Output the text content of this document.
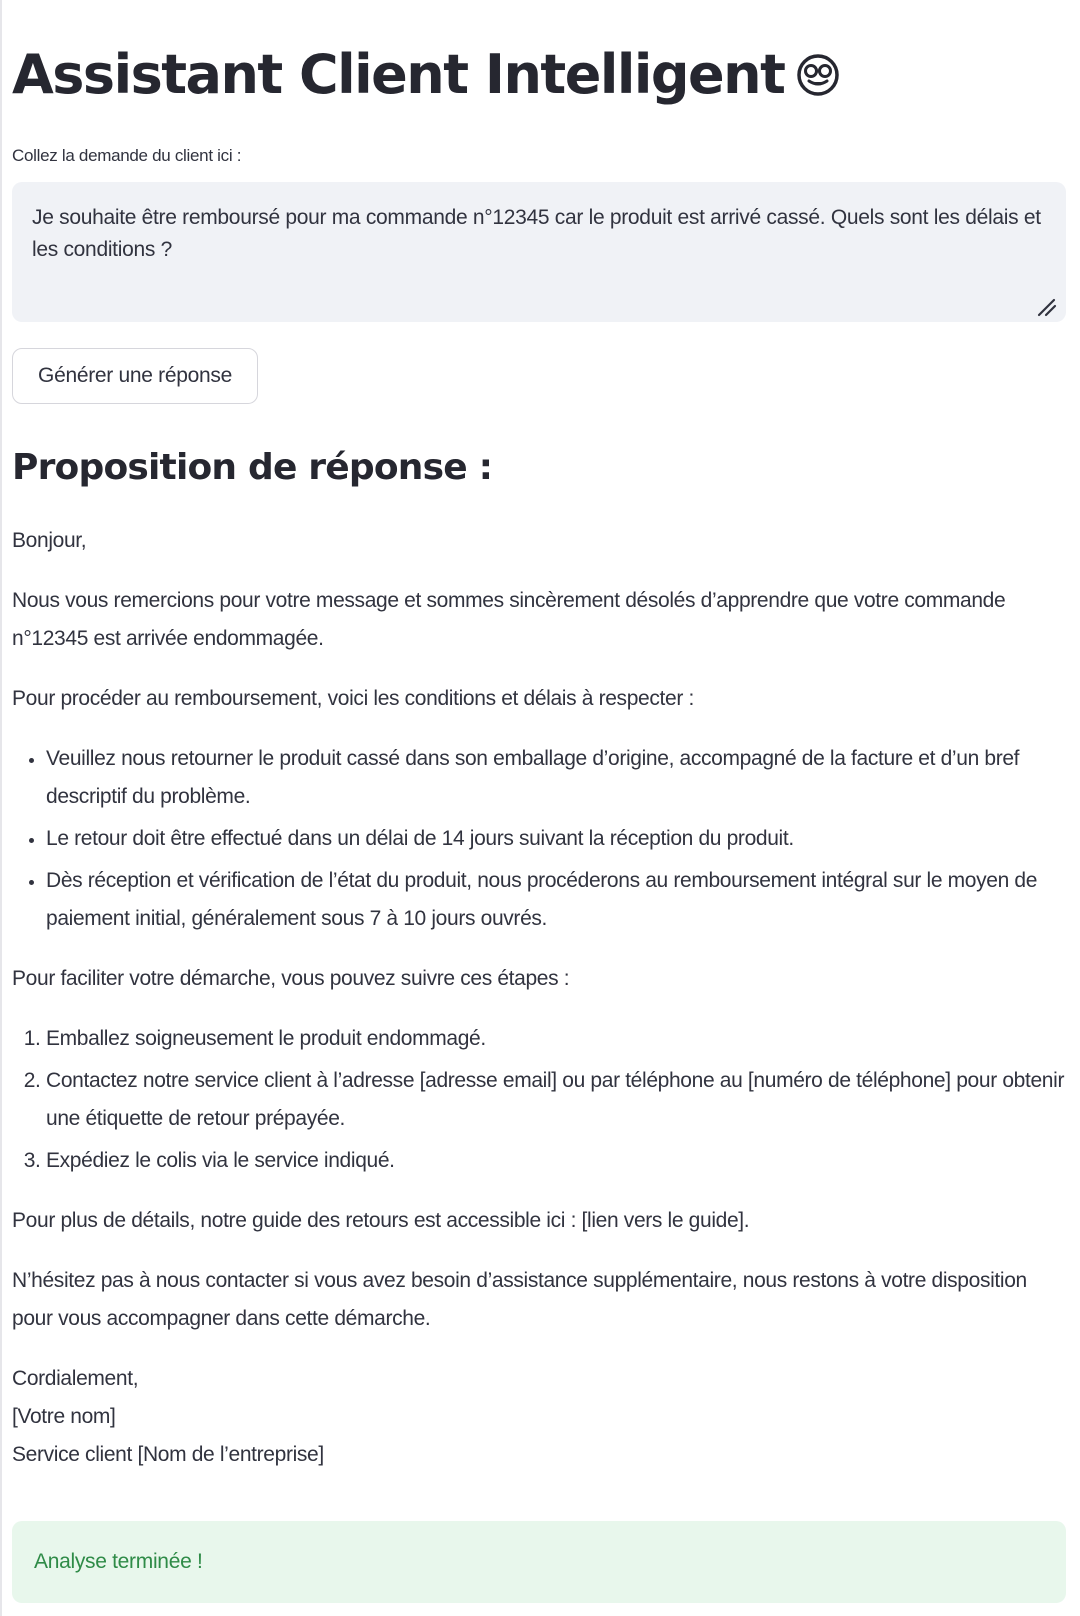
Assistant Client Intelligent
Collez la demande du client ici :
Je souhaite être remboursé pour ma commande n°12345 car le produit est arrivé cassé. Quels sont les délais et les conditions ?
Générer une réponse
Proposition de réponse :

Bonjour,

Nous vous remercions pour votre message et sommes sincèrement désolés d’apprendre que votre commande n°12345 est arrivée endommagée.

Pour procéder au remboursement, voici les conditions et délais à respecter :

• Veuillez nous retourner le produit cassé dans son emballage d’origine, accompagné de la facture et d’un bref descriptif du problème.
• Le retour doit être effectué dans un délai de 14 jours suivant la réception du produit.
• Dès réception et vérification de l’état du produit, nous procéderons au remboursement intégral sur le moyen de paiement initial, généralement sous 7 à 10 jours ouvrés.

Pour faciliter votre démarche, vous pouvez suivre ces étapes :

1. Emballez soigneusement le produit endommagé.
2. Contactez notre service client à l’adresse [adresse email] ou par téléphone au [numéro de téléphone] pour obtenir une étiquette de retour prépayée.
3. Expédiez le colis via le service indiqué.

Pour plus de détails, notre guide des retours est accessible ici : [lien vers le guide].

N’hésitez pas à nous contacter si vous avez besoin d’assistance supplémentaire, nous restons à votre disposition pour vous accompagner dans cette démarche.

Cordialement,
[Votre nom]
Service client [Nom de l’entreprise]
Analyse terminée !
